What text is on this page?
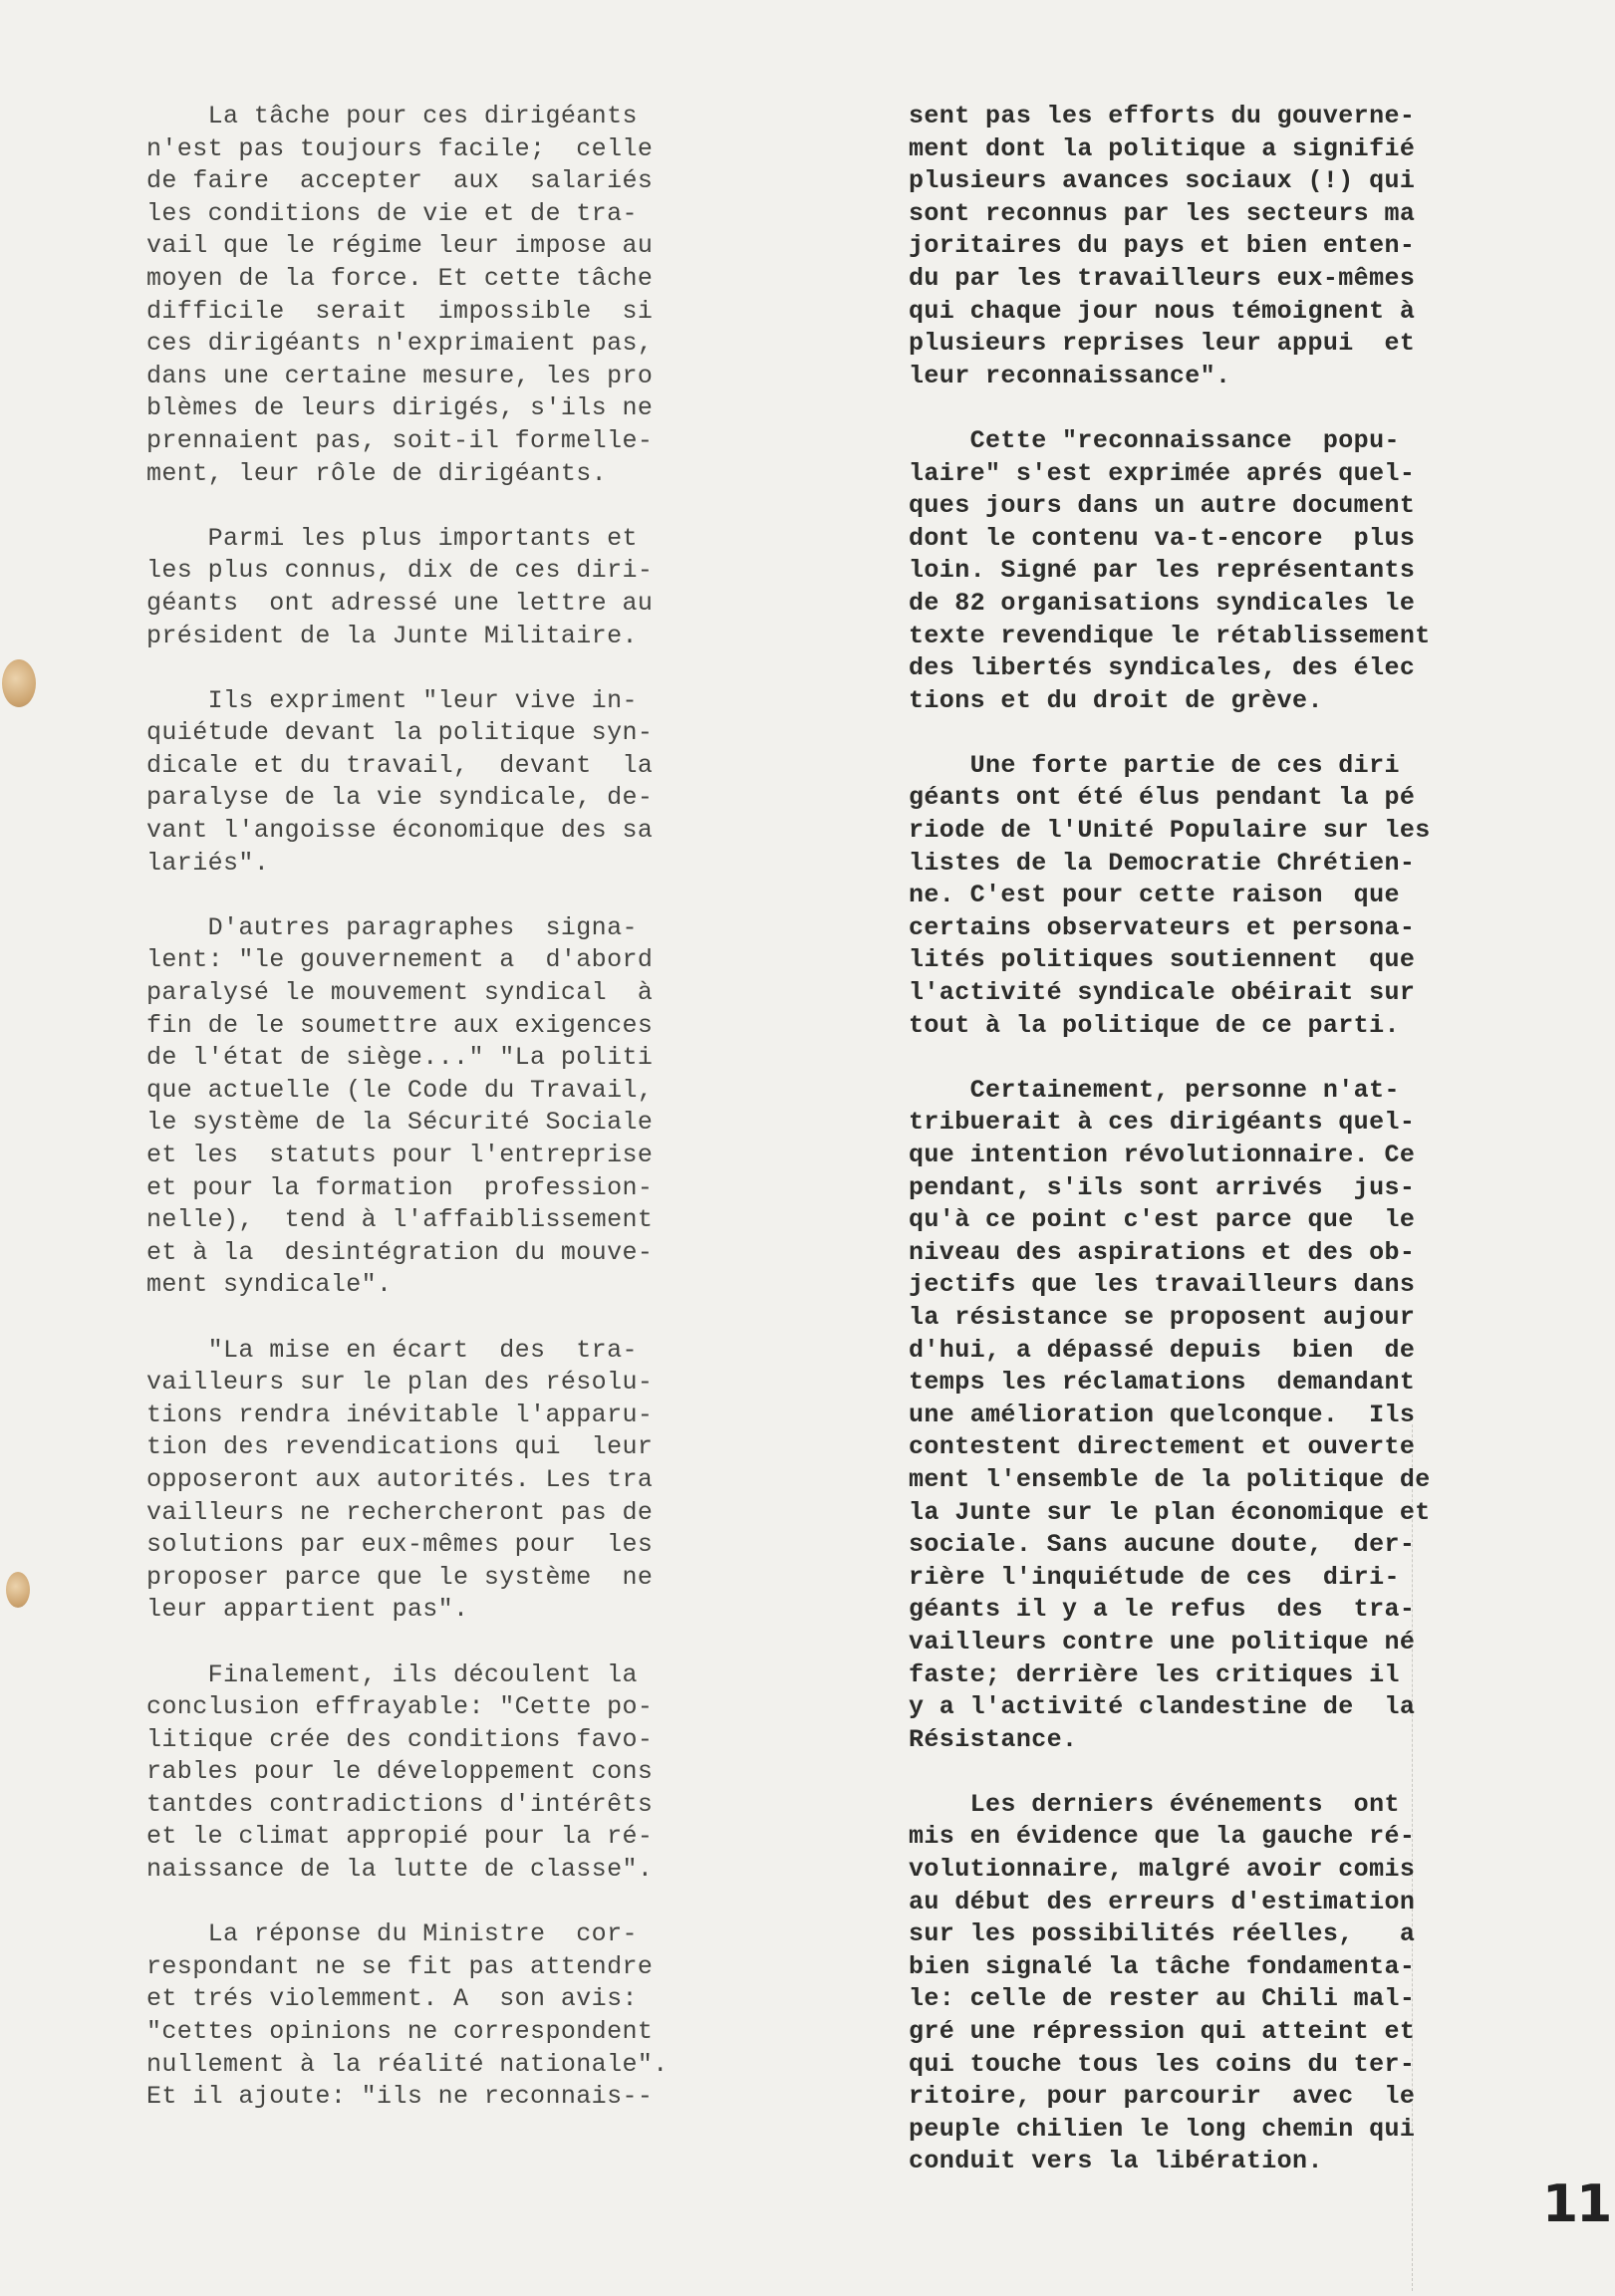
La tâche pour ces dirigéants
n'est pas toujours facile;  celle
de faire  accepter  aux  salariés
les conditions de vie et de tra-
vail que le régime leur impose au
moyen de la force. Et cette tâche
difficile  serait  impossible  si
ces dirigéants n'exprimaient pas,
dans une certaine mesure, les pro
blèmes de leurs dirigés, s'ils ne
prennaient pas, soit-il formelle-
ment, leur rôle de dirigéants.
Parmi les plus importants et
les plus connus, dix de ces diri-
géants  ont adressé une lettre au
président de la Junte Militaire.
Ils expriment "leur vive in-
quiétude devant la politique syn-
dicale et du travail,  devant  la
paralyse de la vie syndicale, de-
vant l'angoisse économique des sa
lariés".
D'autres paragraphes  signa-
lent: "le gouvernement a  d'abord
paralysé le mouvement syndical  à
fin de le soumettre aux exigences
de l'état de siège..." "La politi
que actuelle (le Code du Travail,
le système de la Sécurité Sociale
et les  statuts pour l'entreprise
et pour la formation  profession-
nelle),  tend à l'affaiblissement
et à la  desintégration du mouve-
ment syndicale".
"La mise en écart  des  tra-
vailleurs sur le plan des résolu-
tions rendra inévitable l'apparu-
tion des revendications qui  leur
opposeront aux autorités. Les tra
vailleurs ne rechercheront pas de
solutions par eux-mêmes pour  les
proposer parce que le système  ne
leur appartient pas".
Finalement, ils découlent la
conclusion effrayable: "Cette po-
litique crée des conditions favo-
rables pour le développement cons
tantdes contradictions d'intérêts
et le climat appropié pour la ré-
naissance de la lutte de classe".
La réponse du Ministre  cor-
respondant ne se fit pas attendre
et trés violemment. A  son avis:
"cettes opinions ne correspondent
nullement à la réalité nationale".
Et il ajoute: "ils ne reconnais--
sent pas les efforts du gouverne-
ment dont la politique a signifié
plusieurs avances sociaux (!) qui
sont reconnus par les secteurs ma
joritaires du pays et bien enten-
du par les travailleurs eux-mêmes
qui chaque jour nous témoignent à
plusieurs reprises leur appui  et
leur reconnaissance".
Cette "reconnaissance  popu-
laire" s'est exprimée aprés quel-
ques jours dans un autre document
dont le contenu va-t-encore  plus
loin. Signé par les représentants
de 82 organisations syndicales le
texte revendique le rétablissement
des libertés syndicales, des élec
tions et du droit de grève.
Une forte partie de ces diri
géants ont été élus pendant la pé
riode de l'Unité Populaire sur les
listes de la Democratie Chrétien-
ne. C'est pour cette raison  que
certains observateurs et persona-
lités politiques soutiennent  que
l'activité syndicale obéirait sur
tout à la politique de ce parti.
Certainement, personne n'at-
tribuerait à ces dirigéants quel-
que intention révolutionnaire. Ce
pendant, s'ils sont arrivés  jus-
qu'à ce point c'est parce que  le
niveau des aspirations et des ob-
jectifs que les travailleurs dans
la résistance se proposent aujour
d'hui, a dépassé depuis  bien  de
temps les réclamations  demandant
une amélioration quelconque.  Ils
contestent directement et ouverte
ment l'ensemble de la politique de
la Junte sur le plan économique et
sociale. Sans aucune doute,  der-
rière l'inquiétude de ces  diri-
géants il y a le refus  des  tra-
vailleurs contre une politique né
faste; derrière les critiques il
y a l'activité clandestine de  la
Résistance.
Les derniers événements  ont
mis en évidence que la gauche ré-
volutionnaire, malgré avoir comis
au début des erreurs d'estimation
sur les possibilités réelles,   a
bien signalé la tâche fondamenta-
le: celle de rester au Chili mal-
gré une répression qui atteint et
qui touche tous les coins du ter-
ritoire, pour parcourir  avec  le
peuple chilien le long chemin qui
conduit vers la libération.
11
